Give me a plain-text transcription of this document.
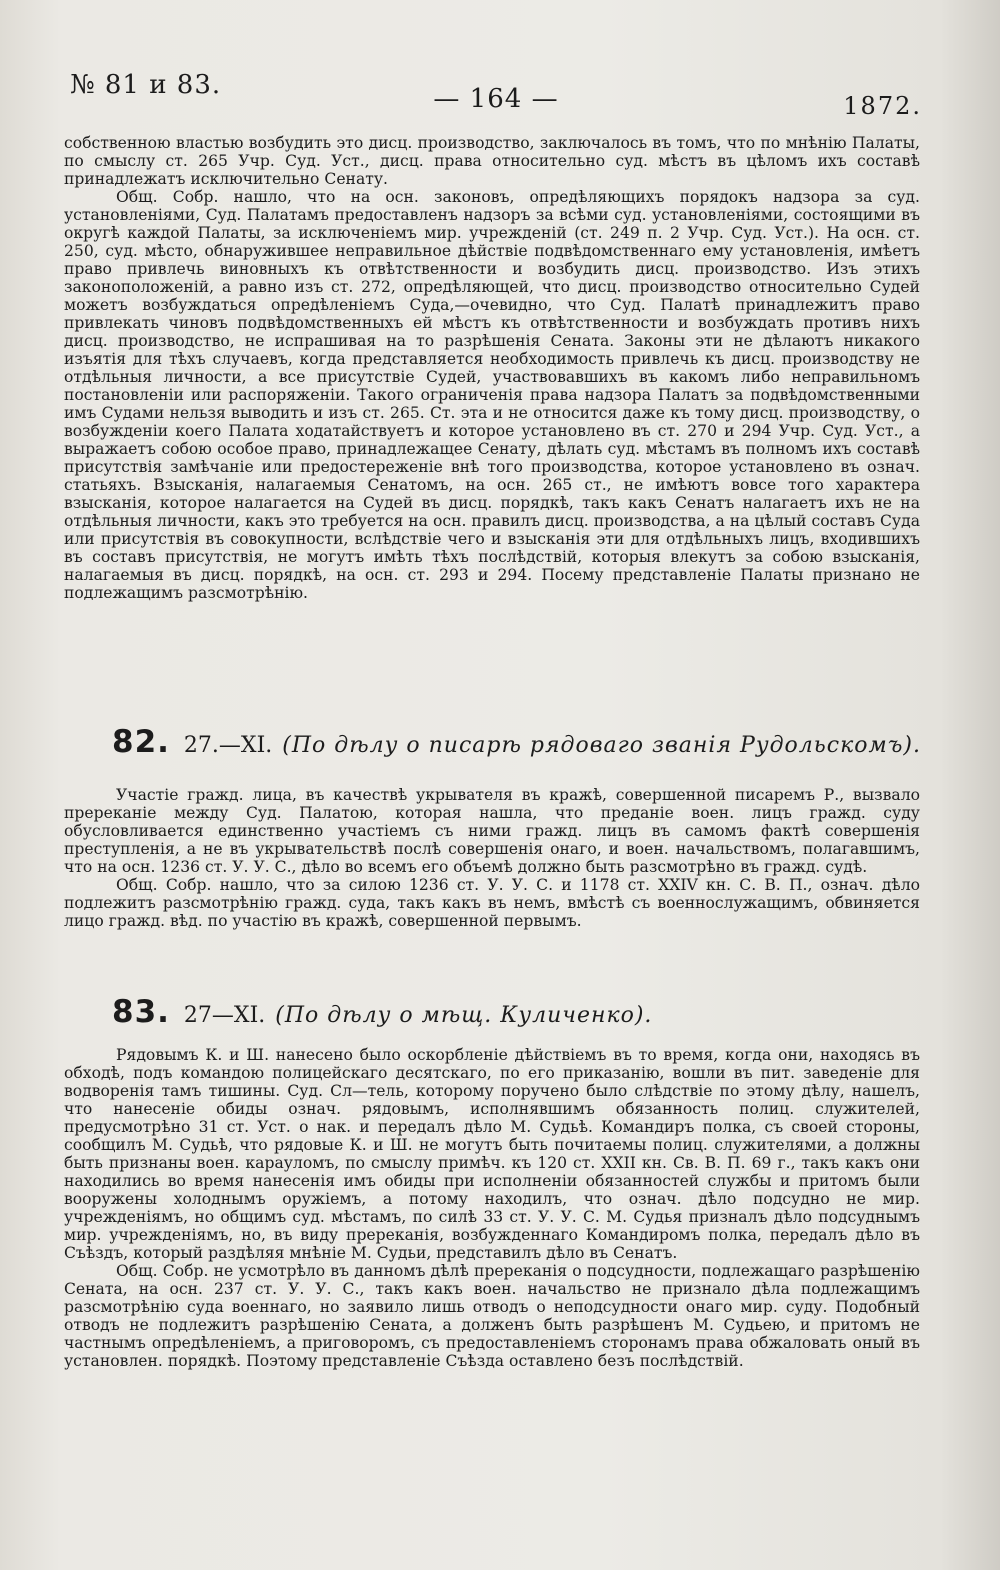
№ 81 и 83.	— 164 —	1872.

собственною властью возбудить это дисц. производство, заключалось въ томъ, что по мнѣнію Палаты, по смыслу ст. 265 Учр. Суд. Уст., дисц. права относительно суд. мѣстъ въ цѣломъ ихъ составѣ принадлежатъ исключительно Сенату.

Общ. Собр. нашло, что на осн. законовъ, опредѣляющихъ порядокъ надзора за суд. установленіями, Суд. Палатамъ предоставленъ надзоръ за всѣми суд. установленіями, состоящими въ округѣ каждой Палаты, за исключеніемъ мир. учрежденій (ст. 249 п. 2 Учр. Суд. Уст.). На осн. ст. 250, суд. мѣсто, обнаружившее неправильное дѣйствіе подвѣдомственнаго ему установленія, имѣетъ право привлечь виновныхъ къ отвѣтственности и возбудить дисц. производство. Изъ этихъ законоположеній, а равно изъ ст. 272, опредѣляющей, что дисц. производство относительно Судей можетъ возбуждаться опредѣленіемъ Суда,—очевидно, что Суд. Палатѣ принадлежитъ право привлекать чиновъ подвѣдомственныхъ ей мѣстъ къ отвѣтственности и возбуждать противъ нихъ дисц. производство, не испрашивая на то разрѣшенія Сената. Законы эти не дѣлаютъ никакого изъятія для тѣхъ случаевъ, когда представляется необходимость привлечь къ дисц. производству не отдѣльныя личности, а все присутствіе Судей, участвовавшихъ въ какомъ либо неправильномъ постановленіи или распоряженіи. Такого ограниченія права надзора Палатъ за подвѣдомственными имъ Судами нельзя выводить и изъ ст. 265. Ст. эта и не относится даже къ тому дисц. производству, о возбужденіи коего Палата ходатайствуетъ и которое установлено въ ст. 270 и 294 Учр. Суд. Уст., а выражаетъ собою особое право, принадлежащее Сенату, дѣлать суд. мѣстамъ въ полномъ ихъ составѣ присутствія замѣчаніе или предостереженіе внѣ того производства, которое установлено въ означ. статьяхъ. Взысканія, налагаемыя Сенатомъ, на осн. 265 ст., не имѣютъ вовсе того характера взысканія, которое налагается на Судей въ дисц. порядкѣ, такъ какъ Сенатъ налагаетъ ихъ не на отдѣльныя личности, какъ это требуется на осн. правилъ дисц. производства, а на цѣлый составъ Суда или присутствія въ совокупности, вслѣдствіе чего и взысканія эти для отдѣльныхъ лицъ, входившихъ въ составъ присутствія, не могутъ имѣть тѣхъ послѣдствій, которыя влекутъ за собою взысканія, налагаемыя въ дисц. порядкѣ, на осн. ст. 293 и 294. Посему представленіе Палаты признано не подлежащимъ разсмотрѣнію.

82. 27.—XI. (По дѣлу о писарѣ рядоваго званія Рудольскомъ).

Участіе гражд. лица, въ качествѣ укрывателя въ кражѣ, совершенной писаремъ Р., вызвало пререканіе между Суд. Палатою, которая нашла, что преданіе воен. лицъ гражд. суду обусловливается единственно участіемъ съ ними гражд. лицъ въ самомъ фактѣ совершенія преступленія, а не въ укрывательствѣ послѣ совершенія онаго, и воен. начальствомъ, полагавшимъ, что на осн. 1236 ст. У. У. С., дѣло во всемъ его объемѣ должно быть разсмотрѣно въ гражд. судѣ.

Общ. Собр. нашло, что за силою 1236 ст. У. У. С. и 1178 ст. XXIV кн. С. В. П., означ. дѣло подлежитъ разсмотрѣнію гражд. суда, такъ какъ въ немъ, вмѣстѣ съ военнослужащимъ, обвиняется лицо гражд. вѣд. по участію въ кражѣ, совершенной первымъ.

83. 27—XI. (По дѣлу о мѣщ. Куличенко).

Рядовымъ К. и Ш. нанесено было оскорбленіе дѣйствіемъ въ то время, когда они, находясь въ обходѣ, подъ командою полицейскаго десятскаго, по его приказанію, вошли въ пит. заведеніе для водворенія тамъ тишины. Суд. Сл—тель, которому поручено было слѣдствіе по этому дѣлу, нашелъ, что нанесеніе обиды означ. рядовымъ, исполнявшимъ обязанность полиц. служителей, предусмотрѣно 31 ст. Уст. о нак. и передалъ дѣло М. Судьѣ. Командиръ полка, съ своей стороны, сообщилъ М. Судьѣ, что рядовые К. и Ш. не могутъ быть почитаемы полиц. служителями, а должны быть признаны воен. карауломъ, по смыслу примѣч. къ 120 ст. XXII кн. Св. В. П. 69 г., такъ какъ они находились во время нанесенія имъ обиды при исполненіи обязанностей службы и притомъ были вооружены холоднымъ оружіемъ, а потому находилъ, что означ. дѣло подсудно не мир. учрежденіямъ, но общимъ суд. мѣстамъ, по силѣ 33 ст. У. У. С. М. Судья призналъ дѣло подсуднымъ мир. учрежденіямъ, но, въ виду пререканія, возбужденнаго Командиромъ полка, передалъ дѣло въ Съѣздъ, который раздѣляя мнѣніе М. Судьи, представилъ дѣло въ Сенатъ.

Общ. Собр. не усмотрѣло въ данномъ дѣлѣ пререканія о подсудности, подлежащаго разрѣшенію Сената, на осн. 237 ст. У. У. С., такъ какъ воен. начальство не признало дѣла подлежащимъ разсмотрѣнію суда военнаго, но заявило лишь отводъ о неподсудности онаго мир. суду. Подобный отводъ не подлежитъ разрѣшенію Сената, а долженъ быть разрѣшенъ М. Судьею, и притомъ не частнымъ опредѣленіемъ, а приговоромъ, съ предоставленіемъ сторонамъ права обжаловать оный въ установлен. порядкѣ. Поэтому представленіе Съѣзда оставлено безъ послѣдствій.
